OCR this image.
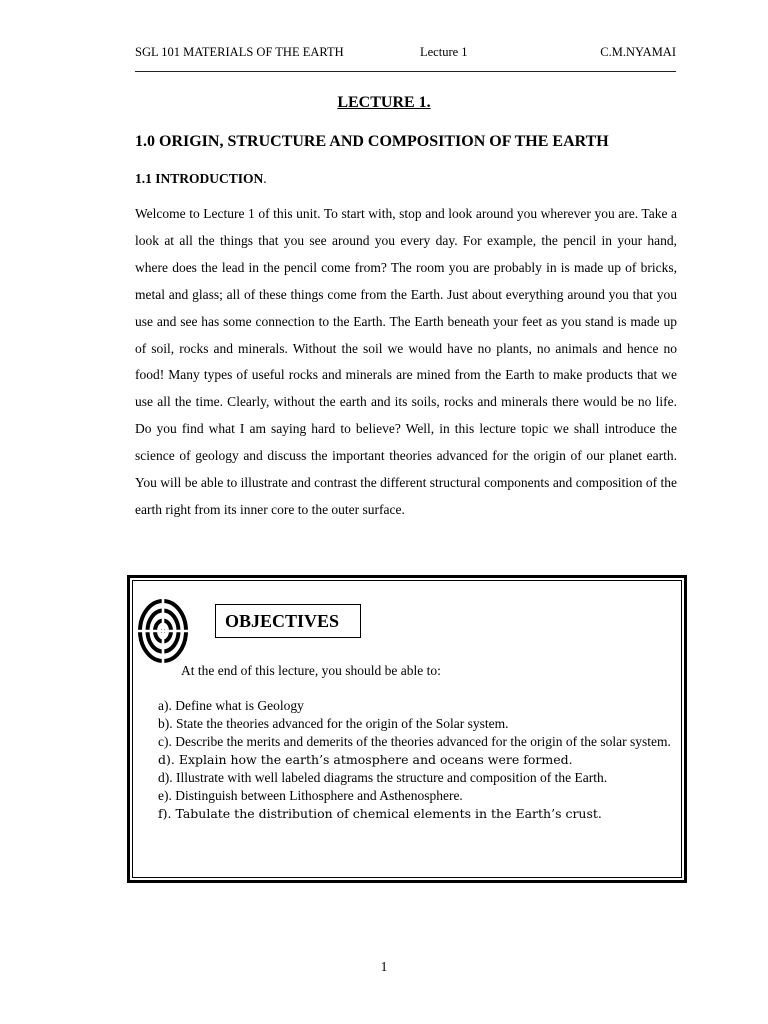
SGL 101 MATERIALS OF THE EARTH	Lecture 1	C.M.NYAMAI
LECTURE 1.
1.0 ORIGIN, STRUCTURE AND COMPOSITION OF THE EARTH
1.1 INTRODUCTION.

Welcome to Lecture 1 of this unit. To start with, stop and look around you wherever you are. Take a look at all the things that you see around you every day. For example, the pencil in your hand, where does the lead in the pencil come from? The room you are probably in is made up of bricks, metal and glass; all of these things come from the Earth. Just about everything around you that you use and see has some connection to the Earth. The Earth beneath your feet as you stand is made up of soil, rocks and minerals. Without the soil we would have no plants, no animals and hence no food! Many types of useful rocks and minerals are mined from the Earth to make products that we use all the time. Clearly, without the earth and its soils, rocks and minerals there would be no life. Do you find what I am saying hard to believe? Well, in this lecture topic we shall introduce the science of geology and discuss the important theories advanced for the origin of our planet earth. You will be able to illustrate and contrast the different structural components and composition of the earth right from its inner core to the outer surface.

OBJECTIVES
At the end of this lecture, you should be able to:
a). Define what is Geology
b). State the theories advanced for the origin of the Solar system.
c). Describe the merits and demerits of the theories advanced for the origin of the solar system.
d). Explain how the earth’s atmosphere and oceans were formed.
d). Illustrate with well labeled diagrams the structure and composition of the Earth.
e). Distinguish between Lithosphere and Asthenosphere.
f). Tabulate the distribution of chemical elements in the Earth’s crust.
1
